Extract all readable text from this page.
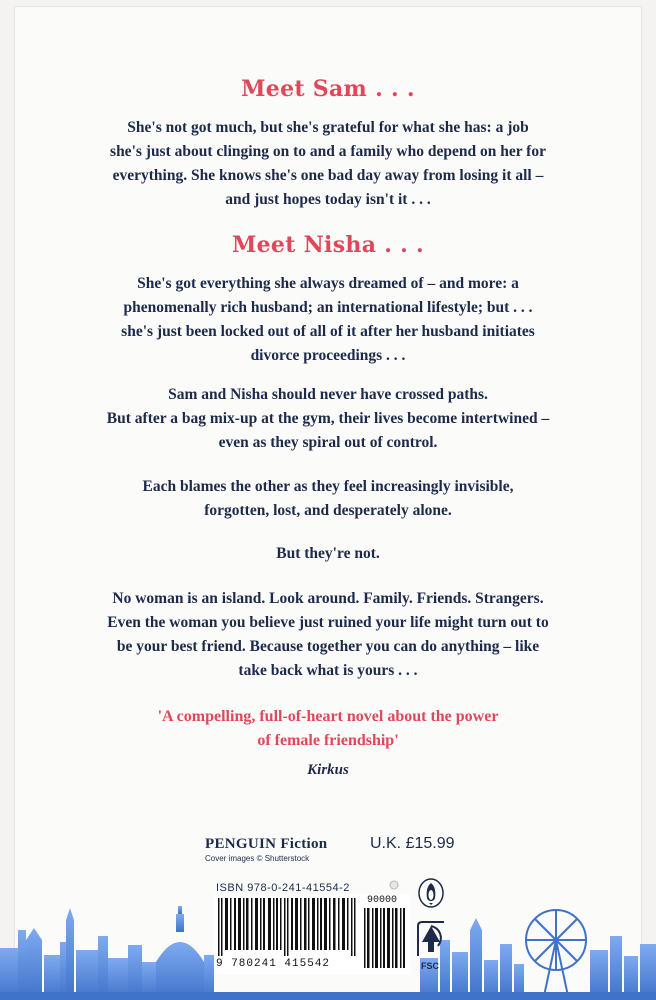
Meet Sam . . .
She's not got much, but she's grateful for what she has: a job
she's just about clinging on to and a family who depend on her for
everything. She knows she's one bad day away from losing it all –
and just hopes today isn't it . . .
Meet Nisha . . .
She's got everything she always dreamed of – and more: a
phenomenally rich husband; an international lifestyle; but . . .
she's just been locked out of all of it after her husband initiates
divorce proceedings . . .
Sam and Nisha should never have crossed paths.
But after a bag mix-up at the gym, their lives become intertwined –
even as they spiral out of control.
Each blames the other as they feel increasingly invisible,
forgotten, lost, and desperately alone.
But they're not.
No woman is an island. Look around. Family. Friends. Strangers.
Even the woman you believe just ruined your life might turn out to
be your best friend. Because together you can do anything – like
take back what is yours . . .
'A compelling, full-of-heart novel about the power
of female friendship'
Kirkus
PENGUIN Fiction
Cover images © Shutterstock
U.K. £15.99
ISBN 978-0-241-41554-2
9 780241 415542
90000
FSC
